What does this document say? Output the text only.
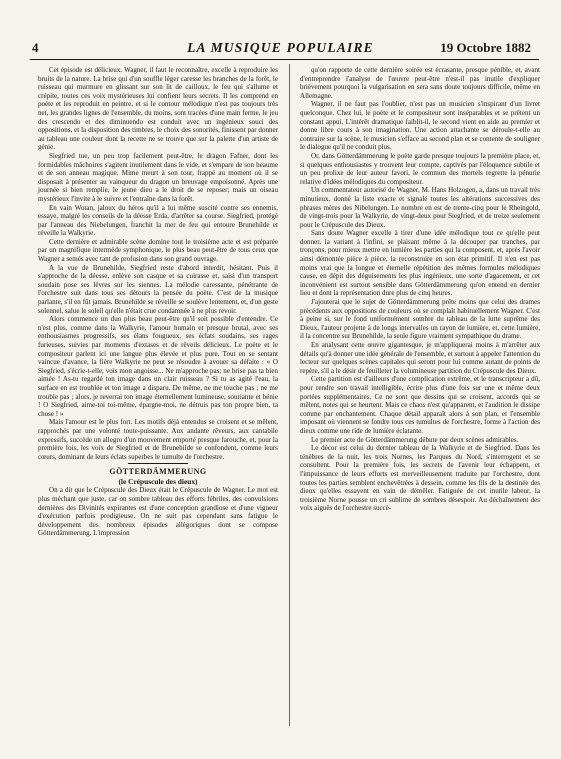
4	LA MUSIQUE POPULAIRE	19 Octobre 1882

Cet épisode est délicieux. Wagner, il faut le reconnaître, excelle à reproduire les bruits de la nature. La brise qui d'un souffle léger caresse les branches de la forêt, le ruisseau qui murmure en glissant sur son lit de cailloux, le feu qui s'allume et crépite, toutes ces voix mystérieuses lui confient leurs secrets. Il les comprend en poète et les reproduit en peintre, et si le contour mélodique n'est pas toujours très net, les grandes lignes de l'ensemble, du moins, sont tracées d'une main ferme, le jeu des crescendo et des diminuendo est conduit avec un ingénieux souci des oppositions, et la disposition des timbres, le choix des sonorités, finissent par donner au tableau une couleur dont la recette ne se trouve que sur la palette d'un artiste de génie.

Siegfried tue, un peu trop facilement peut-être, le dragon Fafner, dont les formidables mâchoires s'agitent inutilement dans le vide, et s'empare de son heaume et de son anneau magique. Mime meurt à son tour, frappé au moment où il se disposait à présenter au vainqueur du dragon un breuvage empoisonné. Après une journée si bien remplie, le jeune dieu a le droit de se reposer; mais un oiseau mystérieux l'invite à le suivre et l'entraîne dans la forêt.

En vain Wotan, jaloux du héros qu'il a lui même suscité contre ses ennemis, essaye, malgré les conseils de la déesse Erda, d'arrêter sa course. Siegfried, protégé par l'anneau des Niebelungen, franchit la mer de feu qui entoure Brunehilde et réveille la Walkyrie.

Cette dernière et admirable scène domine tout le troisième acte et est préparée par un magnifique intermède symphonique, le plus beau peut-être de tous ceux que Wagner a semés avec tant de profusion dans son grand ouvrage.

A la vue de Brunehilde, Siegfried reste d'abord interdit, hésitant. Puis il s'approche de la déesse, enlève son casque et sa cuirasse et, saisi d'un transport soudain pose ses lèvres sur les siennes. La mélodie caressante, pénétrante de l'orchestre suit dans tous ses détours la pensée du poète. C'est de la musique parlante, s'il en fût jamais. Brunehilde se réveille se soulève lentement, et, d'un geste solennel, salue le soleil qu'elle n'était crue condamnée à ne plus revoir.

Alors commence un duo plus beau peut-être qu'il soit possible d'entendre. Ce n'est plus, comme dans la Walkyrie, l'amour humain et presque brutal, avec ses enthousiasmes progressifs, ses élans fougueux, ses éclats soudains, ses rages furieuses, suivies par moments d'extases et de rêveils délicieux. Le poète et le compositeur parlent ici une langue plus élevée et plus pure. Tout en se sentant vaincue d'avance, la fière Walkyrie ne peut se résoudre à avouer sa défaite : « O Siegfried, s'écrie-t-elle, vois mon angoisse... Ne m'approche pas; ne brise pas ta bien aimée ! As-tu regardé ton image dans un clair ruisseau ? Si tu as agité l'eau, la surface en est troublée et ton image a disparu. De même, ne me touche pas ; ne me trouble pas ; alors, je reverrai ton image éternellement lumineuse, souriante et bénie ! O Siegfried, aime-toi toi-même, épargne-moi, ne détruis pas ton propre bien, ta chose ! »

Mais l'amour est le plus fort. Les motifs déjà entendus se croisent et se mêlent, rapprochés par une volonté toute-puissante. Aux andante rêveurs, aux cantabile expressifs, succède un allegro d'un mouvement emporté presque farouche, et, pour la première fois, les voix de Siegfried et de Brunehilde se confondent, comme leurs cœurs, dominant de leurs éclats superbes le tumulte de l'orchestre.

GÖTTERDÄMMERUNG

(le Crépuscule des dieux)

On a dit que le Crépuscule des Dieux était le Crépuscule de Wagner. Le mot est plus méchant que juste, car on sombre tableau des efforts fébriles, des convulsions dernières des Divinités expirantes est d'une conception grandiose et d'une vigueur d'exécution parfois prodigieuse. On ne suit pas cependant sans fatigue le développement des nombreux épisodes allégoriques dont se compose Götterdämmerung. L'impression

qu'on rapporte de cette dernière soirée est écrasante, presque pénible, et, avant d'entreprendre l'analyse de l'œuvre peut-être n'est-il pas inutile d'expliquer brièvement pourquoi la vulgarisation en sera sans doute toujours difficile, même en Allemagne.

Wagner, il ne faut pas l'oublier, n'est pas un musicien s'inspirant d'un livret quelconque. Chez lui, le poète et le compositeur sont inséparables et se prêtent un constant appui. L'intérêt dramatique faiblit-il, le second vient en aide au premier et donne libre cours à son imagination. Une action attachante se déroule-t-elle au contraire sur la scène, le musicien s'efface au second plan et se contente de souligner le dialogue qu'il ne conduit plus.

Or, dans Götterdämmerung le poète garde presque toujours la première place, et, si quelques enthousiastes y trouvent leur compte, captivés par l'éloquence subtile et un peu prolixe de leur auteur favori, le commun des mortels regrette la pénurie relative d'idées mélodiques du compositeur.

Un commentateur autorisé de Wagner, M. Hans Holzogen, a, dans un travail très minutieux, donné la liste exacte et signalé toutes les altérations successives des phrases mères des Nibelungen. Le nombre en est de trente-cinq pour le Rheingold, de vingt-trois pour la Walkyrie, de vingt-deux pour Siegfried, et de treize seulement pour le Crépuscule des Dieux.

Sans doute Wagner excelle à tirer d'une idée mélodique tout ce qu'elle peut donner, la variant à l'infini, se plaisant même à la découper par tranches, par tronçons, pour mieux mettre en lumière les parties qui la composent, et, après l'avoir ainsi démontée pièce à pièce, la reconstruire en son état primitif. Il n'en est pas moins vrai que la longue et éternelle répétition des mêmes formules mélodiques cause, en dépit des déguisements les plus ingénieux, une sorte d'agacement, et cet inconvénient est surtout sensible dans Götterdämmerung qu'on entend en dernier lieu et dont la représentation dure plus de cinq heures.

J'ajouterai que le sujet de Götterdämmerung prête moins que celui des drames précédents aux oppositions de couleurs où se complaît habituellement Wagner. C'est à peine si, sur le fond uniformément sombre du tableau de la lutte suprême des Dieux, l'auteur projette à de longs intervalles un rayon de lumière, et, cette lumière, il la concentre sur Brunehilde, la seule figure vraiment sympathique du drame.

En analysant cette œuvre gigantesque, je m'appliquerai moins à m'arrêter aux détails qu'à donner une idée générale de l'ensemble, et surtout à appeler l'attention du lecteur sur quelques scènes capitales qui seront pour lui comme autant de points de repère, s'il a le désir de feuilleter la volumineuse partition du Crépuscule des Dieux.

Cette partition est d'ailleurs d'une complication extrême, et le transcripteur a dû, pour rendre son travail intelligible, écrire plus d'une fois sur une et même deux portées supplémentaires. Ce ne sont que dessins qui se croisent, accords qui se mêlent, notes qui se heurtent. Mais ce chaos n'est qu'apparent, et l'audition le dissipe comme par enchantement. Chaque détail apparaît alors à son plan, et l'ensemble imposant où viennent se fondre tous ces tumultes de l'orchestre, forme à l'action des dieux comme une ride de lumière éclatante.

Le premier acte de Götterdämmerung débute par deux scènes admirables.

Le décor est celui du dernier tableau de la Walkyrie et de Siegfried. Dans les ténèbres de la nuit, les trois Nornes, les Parques du Nord, s'interrogent et se consultent. Pour la première fois, les secrets de l'avenir leur échappent, et l'impuissance de leurs efforts est merveilleusement traduite par l'orchestre, dont toutes les parties semblent enchevêtrées à dessein, comme les fils de la destinée des dieux qu'elles essayent en vain de démêler. Fatiguée de cet inutile labeur, la troisième Norne pousse un cri sublime de sombres désespoir. Au déchaînement des voix aiguës de l'orchestre succè-
